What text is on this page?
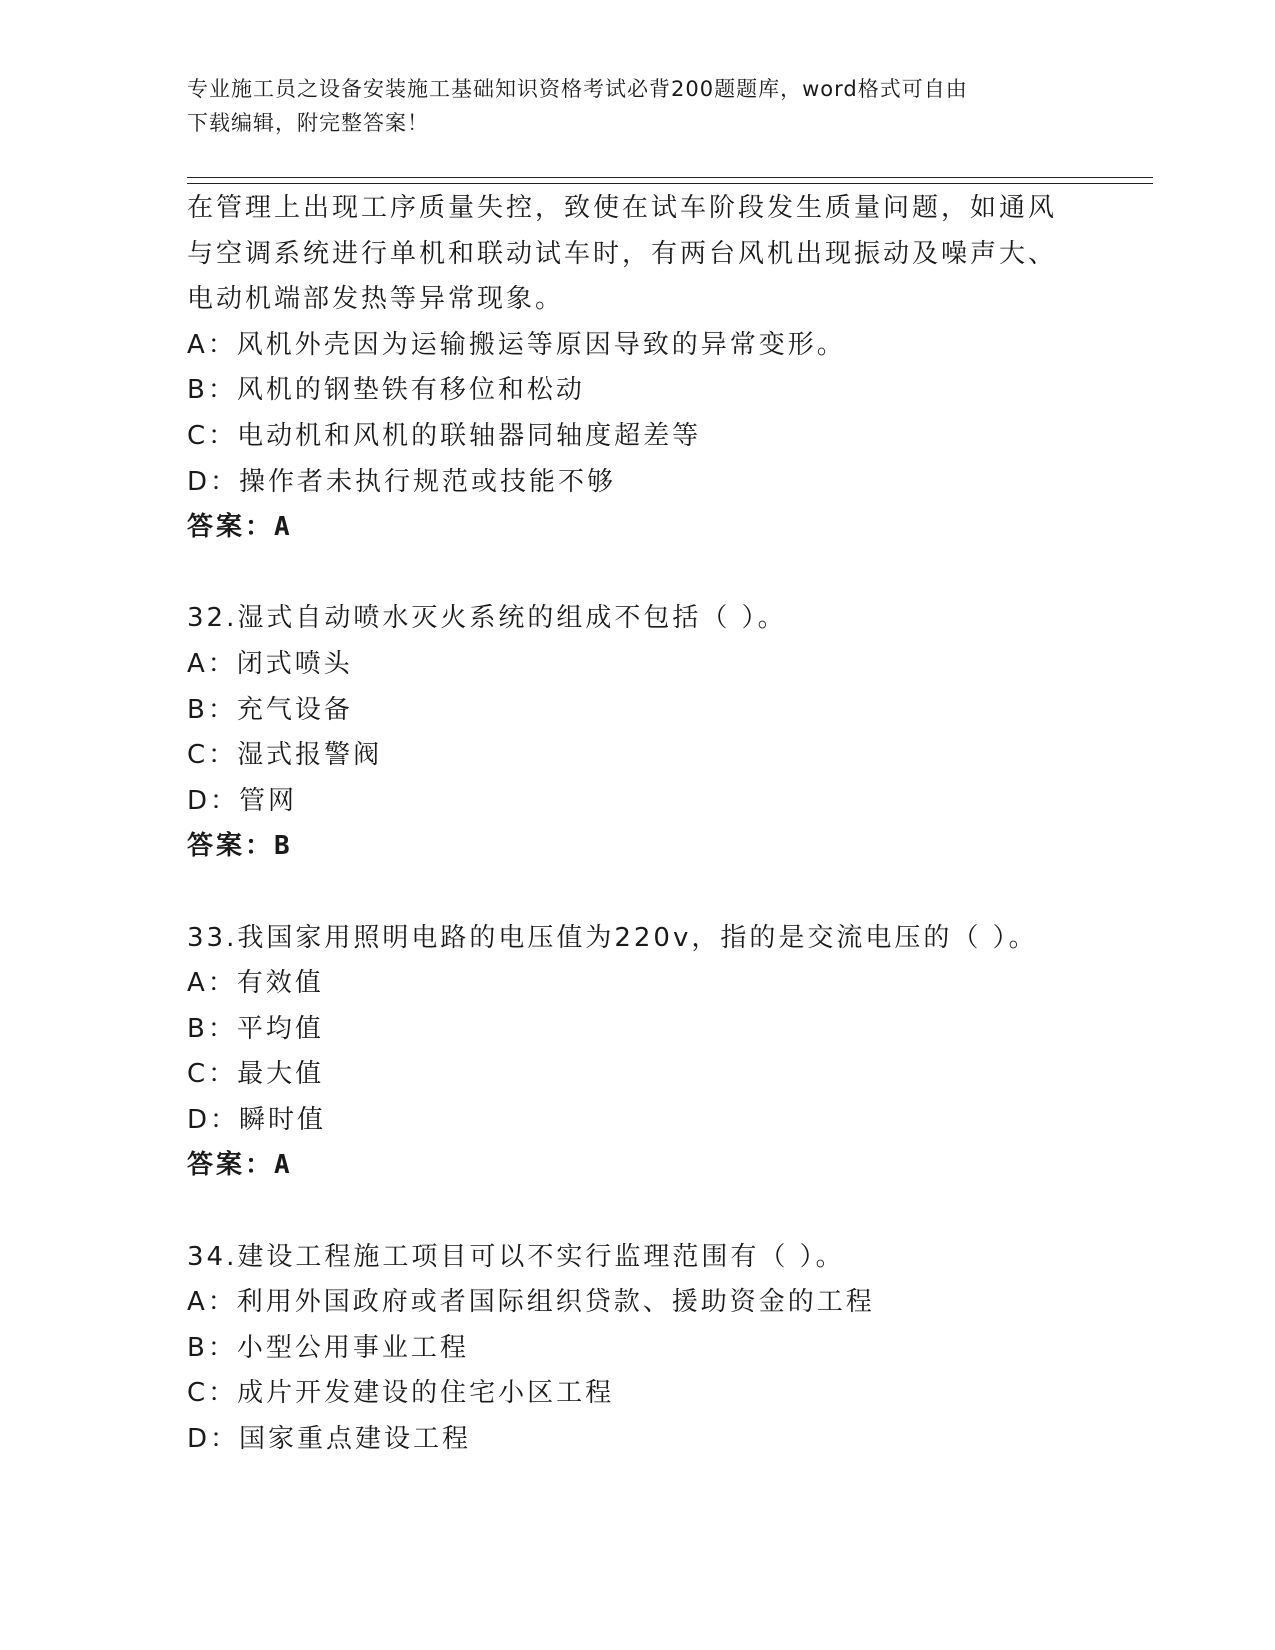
专业施工员之设备安装施工基础知识资格考试必背200题题库，word格式可自由
下载编辑，附完整答案！
在管理上出现工序质量失控，致使在试车阶段发生质量问题，如通风
与空调系统进行单机和联动试车时，有两台风机出现振动及噪声大、
电动机端部发热等异常现象。
A：风机外壳因为运输搬运等原因导致的异常变形。
B：风机的钢垫铁有移位和松动
C：电动机和风机的联轴器同轴度超差等
D：操作者未执行规范或技能不够
答案：A
32.湿式自动喷水灭火系统的组成不包括（ ）。
A：闭式喷头
B：充气设备
C：湿式报警阀
D：管网
答案：B
33.我国家用照明电路的电压值为220v，指的是交流电压的（ ）。
A：有效值
B：平均值
C：最大值
D：瞬时值
答案：A
34.建设工程施工项目可以不实行监理范围有（ ）。
A：利用外国政府或者国际组织贷款、援助资金的工程
B：小型公用事业工程
C：成片开发建设的住宅小区工程
D：国家重点建设工程
